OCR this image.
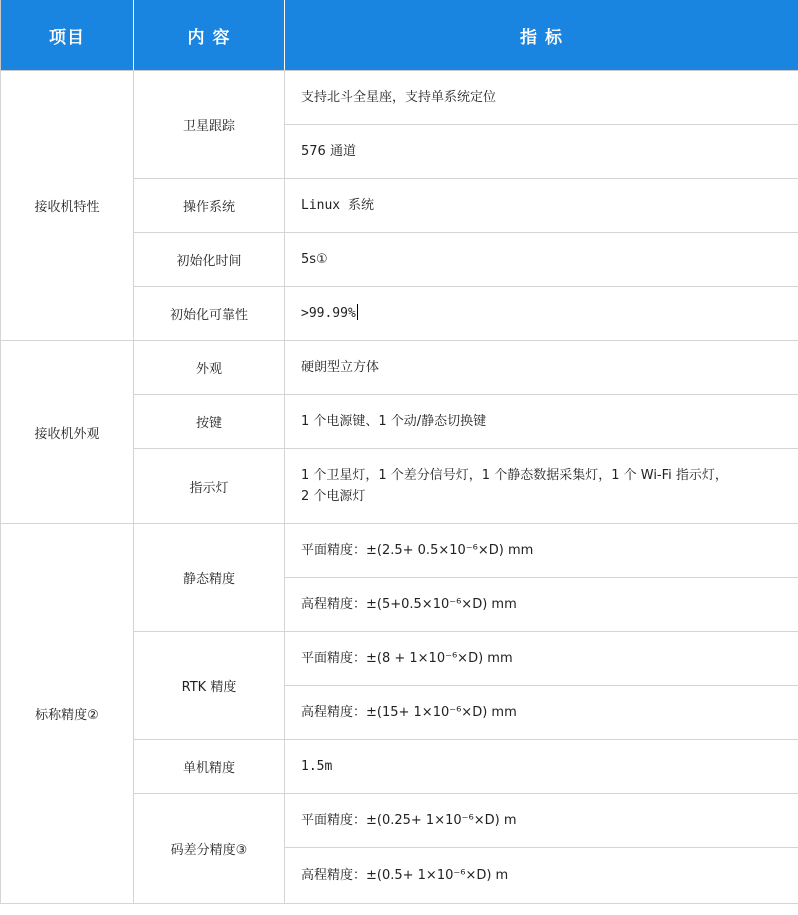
项目	内 容	指 标
接收机特性	卫星跟踪	支持北斗全星座，支持单系统定位
		576 通道
	操作系统	Linux 系统
	初始化时间	5s①
	初始化可靠性	>99.99%
接收机外观	外观	硬朗型立方体
	按键	1 个电源键、1 个动/静态切换键
	指示灯	1 个卫星灯，1 个差分信号灯，1 个静态数据采集灯，1 个 Wi-Fi 指示灯，
2 个电源灯
标称精度②	静态精度	平面精度：±(2.5+ 0.5×10⁻⁶×D) mm
		高程精度：±(5+0.5×10⁻⁶×D) mm
	RTK 精度	平面精度：±(8 + 1×10⁻⁶×D) mm
		高程精度：±(15+ 1×10⁻⁶×D) mm
	单机精度	1.5m
	码差分精度③	平面精度：±(0.25+ 1×10⁻⁶×D) m
		高程精度：±(0.5+ 1×10⁻⁶×D) m
